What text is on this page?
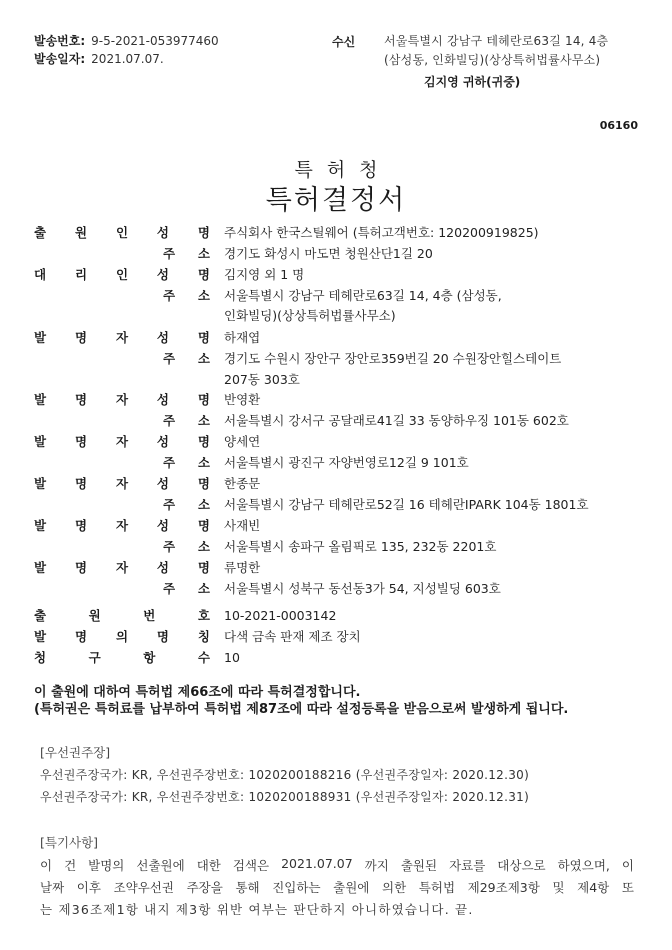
발송번호: 9-5-2021-053977460
발송일자: 2021.07.07.
수신 서울특별시 강남구 테헤란로63길 14, 4층
(삼성동, 인화빌딩)(상상특허법률사무소)
김지영 귀하(귀중)
06160
특허청
특허결정서
출 원 인 성 명 주식회사 한국스틸웨어 (특허고객번호: 120200919825)
주 소 경기도 화성시 마도면 청원산단1길 20
대 리 인 성 명 김지영 외 1 명
주 소 서울특별시 강남구 테헤란로63길 14, 4층 (삼성동,
인화빌딩)(상상특허법률사무소)
발 명 자 성 명 하재엽
주 소 경기도 수원시 장안구 장안로359번길 20 수원장안힐스테이트
207동 303호
발 명 자 성 명 반영환
주 소 서울특별시 강서구 공달래로41길 33 동양하우징 101동 602호
발 명 자 성 명 양세연
주 소 서울특별시 광진구 자양번영로12길 9 101호
발 명 자 성 명 한종문
주 소 서울특별시 강남구 테헤란로52길 16 테헤란IPARK 104동 1801호
발 명 자 성 명 사재빈
주 소 서울특별시 송파구 올림픽로 135, 232동 2201호
발 명 자 성 명 류명한
주 소 서울특별시 성북구 동선동3가 54, 지성빌딩 603호
출	원	번	호 10-2021-0003142
발 명 의 명 칭 다색 금속 판재 제조 장치
청	구	항	수 10
이 출원에 대하여 특허법 제66조에 따라 특허결정합니다.
(특허권은 특허료를 납부하여 특허법 제87조에 따라 설정등록을 받음으로써 발생하게 됩니다.
[우선권주장]
우선권주장국가: KR, 우선권주장번호: 1020200188216 (우선권주장일자: 2020.12.30)
우선권주장국가: KR, 우선권주장번호: 1020200188931 (우선권주장일자: 2020.12.31)
[특기사항]
이 건 발명의 선출원에 대한 검색은 2021.07.07 까지 출원된 자료를 대상으로 하였으며, 이
날짜 이후 조약우선권 주장을 통해 진입하는 출원에 의한 특허법 제29조제3항 및 제4항 또
는 제36조제1항 내지 제3항 위반 여부는 판단하지 아니하였습니다. 끝.
